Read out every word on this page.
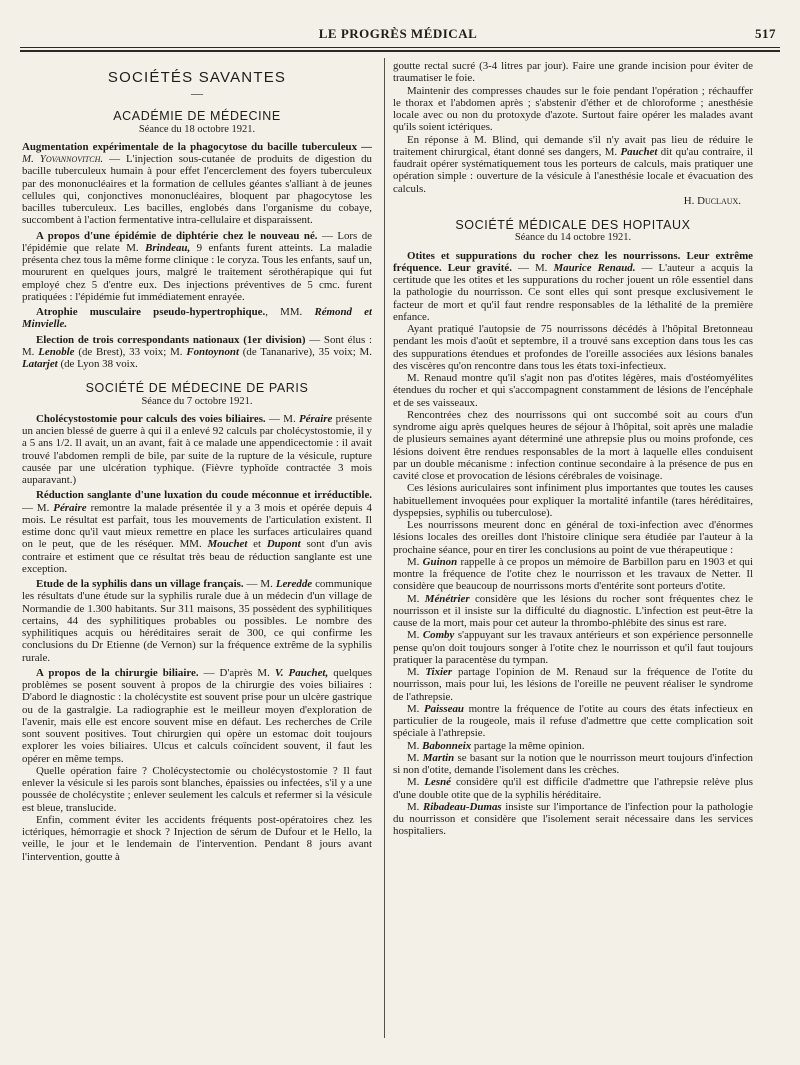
LE PROGRÈS MÉDICAL	517
SOCIÉTÉS SAVANTES
—
ACADÉMIE DE MÉDECINE
Séance du 18 octobre 1921.

Augmentation expérimentale de la phagocytose du bacille tuberculeux — M. Yovannovitch. — L'injection sous-cutanée de produits de digestion du bacille tuberculeux humain à pour effet l'encerclement des foyers tuberculeux par des mononucléaires et la formation de cellules géantes s'alliant à de jeunes cellules qui, conjonctives mononucléaires, bloquent par phagocytose les bacilles tuberculeux. Les bacilles, englobés dans l'organisme du cobaye, succombent à l'action fermentative intra-cellulaire et disparaissent.

A propos d'une épidémie de diphtérie chez le nouveau né. — Lors de l'épidémie que relate M. Brindeau, 9 enfants furent atteints. La maladie présenta chez tous la même forme clinique : le coryza. Tous les enfants, sauf un, moururent en quelques jours, malgré le traitement sérothérapique qui fut employé chez 5 d'entre eux. Des injections préventives de 5 cmc. furent pratiquées : l'épidémie fut immédiatement enrayée.

Atrophie musculaire pseudo-hypertrophique., MM. Rémond et Minvielle.

Election de trois correspondants nationaux (1er division) — Sont élus : M. Lenoble (de Brest), 33 voix; M. Fontoynont (de Tananarive), 35 voix; M. Latarjet (de Lyon 38 voix.

SOCIÉTÉ DE MÉDECINE DE PARIS
Séance du 7 octobre 1921.

Cholécystostomie pour calculs des voies biliaires. — M. Péraire présente un ancien blessé de guerre à qui il a enlevé 92 calculs par cholécystostomie, il y a 5 ans 1/2. Il avait, un an avant, fait à ce malade une appendicectomie : il avait trouvé l'abdomen rempli de bile, par suite de la rupture de la vésicule, rupture causée par une ulcération typhique. (Fièvre typhoïde contractée 3 mois auparavant.)

Réduction sanglante d'une luxation du coude méconnue et irréductible. — M. Péraire remontre la malade présentée il y a 3 mois et opérée depuis 4 mois. Le résultat est parfait, tous les mouvements de l'articulation existent. Il estime donc qu'il vaut mieux remettre en place les surfaces articulaires quand on le peut, que de les réséquer. MM. Mouchet et Dupont sont d'un avis contraire et estiment que ce résultat très beau de réduction sanglante est une exception.

Etude de la syphilis dans un village français. — M. Leredde communique les résultats d'une étude sur la syphilis rurale due à un médecin d'un village de Normandie de 1.300 habitants. Sur 311 maisons, 35 possèdent des syphilitiques certains, 44 des syphilitiques probables ou possibles. Le nombre des syphilitiques acquis ou héréditaires serait de 300, ce qui confirme les conclusions du Dr Etienne (de Vernon) sur la fréquence extrême de la syphilis rurale.

A propos de la chirurgie biliaire. — D'après M. V. Pauchet, quelques problèmes se posent souvent à propos de la chirurgie des voies biliaires : D'abord le diagnostic : la cholécystite est souvent prise pour un ulcère gastrique ou de la gastralgie. La radiographie est le meilleur moyen d'exploration de l'avenir, mais elle est encore souvent mise en défaut. Les recherches de Crile sont souvent positives. Tout chirurgien qui opère un estomac doit toujours explorer les voies biliaires. Ulcus et calculs coïncident souvent, il faut les opérer en même temps.

Quelle opération faire ? Cholécystectomie ou cholécystostomie ? Il faut enlever la vésicule si les parois sont blanches, épaissies ou infectées, s'il y a une poussée de cholécystite ; enlever seulement les calculs et refermer si la vésicule est bleue, translucide.

Enfin, comment éviter les accidents fréquents post-opératoires chez les ictériques, hémorragie et shock ? Injection de sérum de Dufour et le Hello, la veille, le jour et le lendemain de l'intervention. Pendant 8 jours avant l'intervention, goutte à

goutte rectal sucré (3-4 litres par jour). Faire une grande incision pour éviter de traumatiser le foie.

Maintenir des compresses chaudes sur le foie pendant l'opération ; réchauffer le thorax et l'abdomen après ; s'abstenir d'éther et de chloroforme ; anesthésie locale avec ou non du protoxyde d'azote. Surtout faire opérer les malades avant qu'ils soient ictériques.

En réponse à M. Blind, qui demande s'il n'y avait pas lieu de réduire le traitement chirurgical, étant donné ses dangers, M. Pauchet dit qu'au contraire, il faudrait opérer systématiquement tous les porteurs de calculs, mais pratiquer une opération simple : ouverture de la vésicule à l'anesthésie locale et évacuation des calculs.

H. Duclaux.

SOCIÉTÉ MÉDICALE DES HOPITAUX
Séance du 14 octobre 1921.

Otites et suppurations du rocher chez les nourrissons. Leur extrême fréquence. Leur gravité. — M. Maurice Renaud. — L'auteur a acquis la certitude que les otites et les suppurations du rocher jouent un rôle essentiel dans la pathologie du nourrisson. Ce sont elles qui sont presque exclusivement le facteur de mort et qu'il faut rendre responsables de la léthalité de la première enfance.

Ayant pratiqué l'autopsie de 75 nourrissons décédés à l'hôpital Bretonneau pendant les mois d'août et septembre, il a trouvé sans exception dans tous les cas des suppurations étendues et profondes de l'oreille associées aux lésions banales des viscères qu'on rencontre dans tous les états toxi-infectieux.

M. Renaud montre qu'il s'agit non pas d'otites légères, mais d'ostéomyélites étendues du rocher et qui s'accompagnent constamment de lésions de l'encéphale et de ses vaisseaux.

Rencontrées chez des nourrissons qui ont succombé soit au cours d'un syndrome aigu après quelques heures de séjour à l'hôpital, soit après une maladie de plusieurs semaines ayant déterminé une athrepsie plus ou moins profonde, ces lésions doivent être rendues responsables de la mort à laquelle elles conduisent par un double mécanisme : infection continue secondaire à la présence de pus en cavité close et provocation de lésions cérébrales de voisinage.

Ces lésions auriculaires sont infiniment plus importantes que toutes les causes habituellement invoquées pour expliquer la mortalité infantile (tares héréditaires, dyspepsies, syphilis ou tuberculose).

Les nourrissons meurent donc en général de toxi-infection avec d'énormes lésions locales des oreilles dont l'histoire clinique sera étudiée par l'auteur à la prochaine séance, pour en tirer les conclusions au point de vue thérapeutique :

M. Guinon rappelle à ce propos un mémoire de Barbillon paru en 1903 et qui montre la fréquence de l'otite chez le nourrisson et les travaux de Netter. Il considère que beaucoup de nourrissons morts d'entérite sont porteurs d'otite.

M. Ménétrier considère que les lésions du rocher sont fréquentes chez le nourrisson et il insiste sur la difficulté du diagnostic. L'infection est peut-être la cause de la mort, mais pour cet auteur la thrombo-phlébite des sinus est rare.

M. Comby s'appuyant sur les travaux antérieurs et son expérience personnelle pense qu'on doit toujours songer à l'otite chez le nourrisson et qu'il faut toujours pratiquer la paracentèse du tympan.

M. Tixier partage l'opinion de M. Renaud sur la fréquence de l'otite du nourrisson, mais pour lui, les lésions de l'oreille ne peuvent réaliser le syndrome de l'athrepsie.

M. Paisseau montre la fréquence de l'otite au cours des états infectieux en particulier de la rougeole, mais il refuse d'admettre que cette complication soit spéciale à l'athrepsie.

M. Babonneix partage la même opinion.

M. Martin se basant sur la notion que le nourrisson meurt toujours d'infection si non d'otite, demande l'isolement dans les crèches.

M. Lesné considère qu'il est difficile d'admettre que l'athrepsie relève plus d'une double otite que de la syphilis héréditaire.

M. Ribadeau-Dumas insiste sur l'importance de l'infection pour la pathologie du nourrisson et considère que l'isolement serait nécessaire dans les services hospitaliers.
